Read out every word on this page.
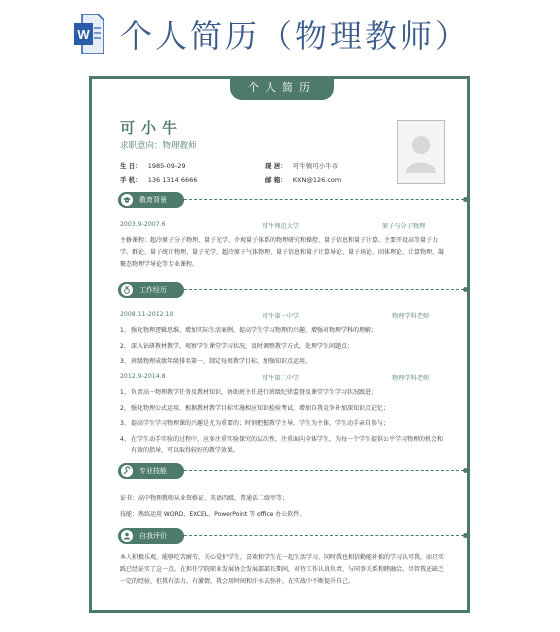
W 个人简历（物理教师）
个人简历
可小牛
求职意向：物理教师
生 日： 1985-09-29	现 居： 可牛镇可小牛市
手 机： 136 1314 6666	邮 箱： KXN@126.com
教育背景
2003.9-2007.6	可牛师范大学	原子与分子物理
主修课程：超冷原子分子物理、量子光学、介观量子体系的物理研究和操控、量子信息和量子计算。主要开设高等量子力学、群论、量子统计物理、量子光学、超冷原子气体物理、量子信息和量子计算导论、量子场论、固体理论、计算物理、凝聚态物理学导论等专业课程。
工作经历
2008.11-2012.10	可牛第一中学	物理学科老师
1、 强化物理逻辑思维，增加实际生活案例，提高学生学习物理的兴趣，增强对物理学科的理解；
2、 深入钻研教材教学，观察学生课堂学习状况，及时调整教学方式，处理学生问题点；
3、 班级物理成绩年级排名第一，制定每周教学目标，加强知识点运用。
2012.9-2014.8	可牛第二中学	物理学科老师
1、 负责高一物理教学任务及教材知识，协助班主任进行班级纪律监督及课堂学生学习状况跟进；
2、 强化物理公式运用，根据教材教学目标实施相应知识检验考试，增加自我竞争补加深知识点记忆；
3、 提高学生学习物理课的兴趣是尤为重要的；时刻把握教学主导，学生为主体，学生动手亲自参与；
4、 在学生动手实验的过程中，应多注重实验探究的层次性，注重面向全体学生，为每一个学生提供公平学习物理的机会和有效的指导，可以取得较好的教学效果。
专业技能
证书：高中物理教师从业资格证、英语四级、普通话二级甲等；
技能：熟练运用 WORD、EXCEL、PowerPoint 等 office 办公软件。
自我评价
本人积极乐观，能够吃苦耐劳，关心爱护学生，喜欢和学生在一起生活学习，同时我也相信勤能补拙的学习认可我，而且实践已经证实了这一点。在担任学院职业发展协会发展部部长期间，对待工作认真负责，与同事关系和睦融洽。尽管我还缺乏一定的经验，但我有活力，有激情，我会用时间和汗水去弥补，在实战中不断提升自己。
